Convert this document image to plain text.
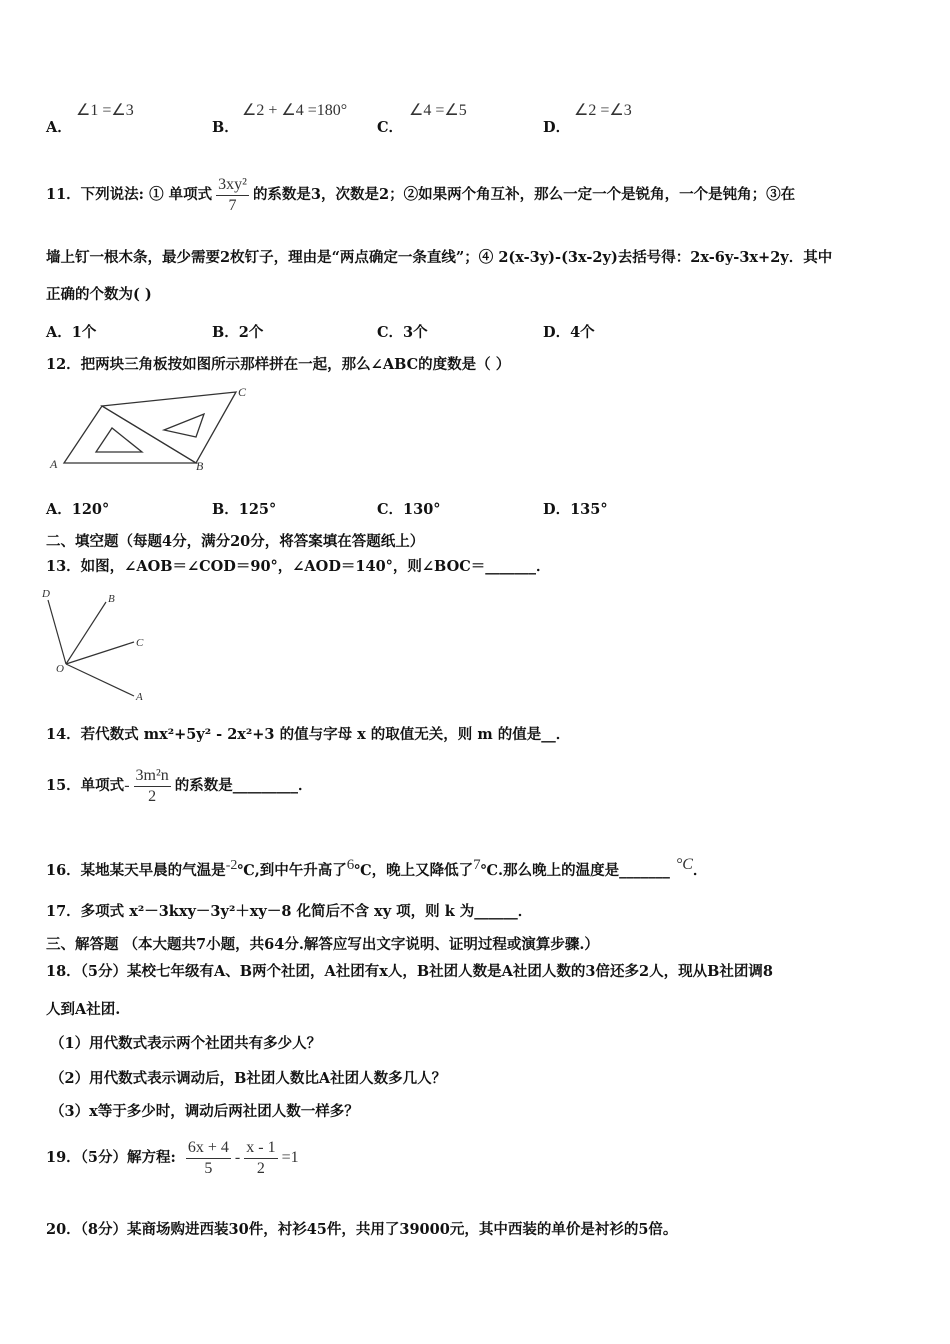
A．
∠1 =∠3
B．
∠2 + ∠4 =180°
C．
∠4 =∠5
D．
∠2 =∠3
11．下列说法: ① 单项式 $\frac{\text{3xy²}}{7}$ 的系数是3，次数是2；②如果两个角互补，那么一定一个是锐角，一个是钝角；③在
墙上钉一根木条，最少需要2枚钉子，理由是“两点确定一条直线”；④ 2(x-3y)-(3x-2y)去括号得：2x-6y-3x+2y．其中
正确的个数为( )
A．1个	B．2个	C．3个	D．4个
12．把两块三角板按如图所示那样拼在一起，那么∠ABC的度数是（ ）
A	B
C
A．120°	B．125°	C．130°	D．135°
二、填空题（每题4分，满分20分，将答案填在答题纸上）
13．如图，∠AOB＝∠COD＝90°，∠AOD＝140°，则∠BOC＝_______．
O
A
B
C
D
14．若代数式 mx²+5y² - 2x²+3 的值与字母 x 的取值无关，则 m 的值是__．
15．单项式- $\frac{\text{3m²n}}{2}$ 的系数是_________．
16．某地某天早晨的气温是-2℃,到中午升高了6℃，晚上又降低了7℃.那么晚上的温度是_______ °C．
17．多项式 x²－3kxy－3y²＋xy－8 化简后不含 xy 项，则 k 为______．
三、解答题 （本大题共7小题，共64分.解答应写出文字说明、证明过程或演算步骤.）
18．（5分）某校七年级有A、B两个社团，A社团有x人，B社团人数是A社团人数的3倍还多2人，现从B社团调8
人到A社团.
（1）用代数式表示两个社团共有多少人？
（2）用代数式表示调动后，B社团人数比A社团人数多几人？
（3）x等于多少时，调动后两社团人数一样多？
19．（5分）解方程: $\frac{6x + 4}{5} - \frac{x - 1}{2} =1$
20．（8分）某商场购进西装30件，衬衫45件，共用了39000元，其中西装的单价是衬衫的5倍。
